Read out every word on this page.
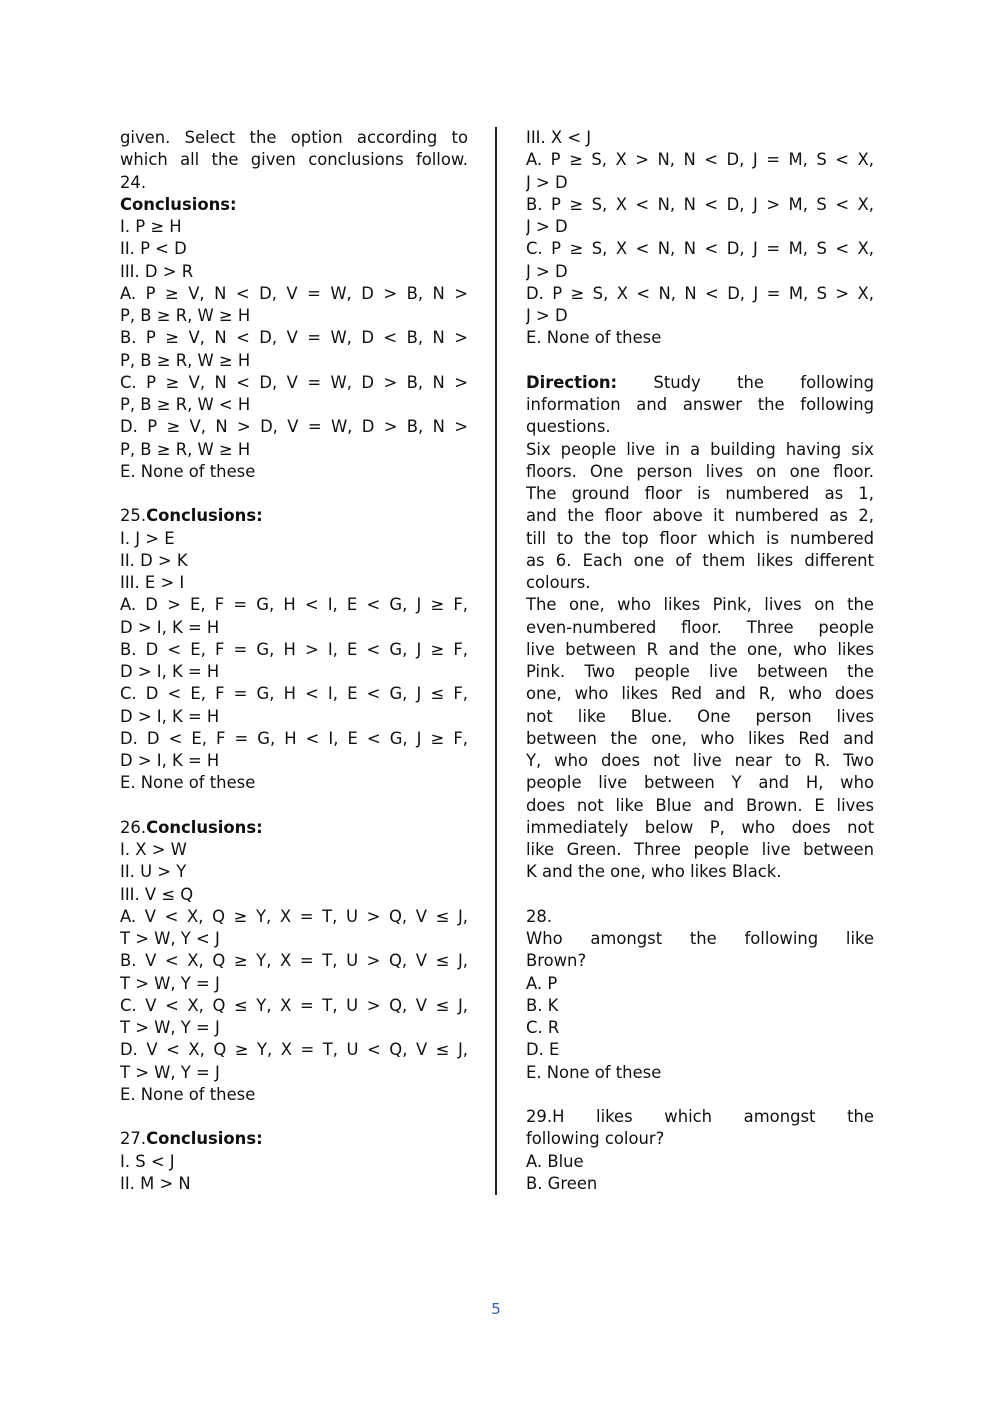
given. Select the option according to
which all the given conclusions follow.
24.
Conclusions:
I. P ≥ H
II. P < D
III. D > R
A. P ≥ V, N < D, V = W, D > B, N >
P, B ≥ R, W ≥ H
B. P ≥ V, N < D, V = W, D < B, N >
P, B ≥ R, W ≥ H
C. P ≥ V, N < D, V = W, D > B, N >
P, B ≥ R, W < H
D. P ≥ V, N > D, V = W, D > B, N >
P, B ≥ R, W ≥ H
E. None of these

25.Conclusions:
I. J > E
II. D > K
III. E > I
A. D > E, F = G, H < I, E < G, J ≥ F,
D > I, K = H
B. D < E, F = G, H > I, E < G, J ≥ F,
D > I, K = H
C. D < E, F = G, H < I, E < G, J ≤ F,
D > I, K = H
D. D < E, F = G, H < I, E < G, J ≥ F,
D > I, K = H
E. None of these

26.Conclusions:
I. X > W
II. U > Y
III. V ≤ Q
A. V < X, Q ≥ Y, X = T, U > Q, V ≤ J,
T > W, Y < J
B. V < X, Q ≥ Y, X = T, U > Q, V ≤ J,
T > W, Y = J
C. V < X, Q ≤ Y, X = T, U > Q, V ≤ J,
T > W, Y = J
D. V < X, Q ≥ Y, X = T, U < Q, V ≤ J,
T > W, Y = J
E. None of these

27.Conclusions:
I. S < J
II. M > N
III. X < J
A. P ≥ S, X > N, N < D, J = M, S < X,
J > D
B. P ≥ S, X < N, N < D, J > M, S < X,
J > D
C. P ≥ S, X < N, N < D, J = M, S < X,
J > D
D. P ≥ S, X < N, N < D, J = M, S > X,
J > D
E. None of these

Direction: Study the following
information and answer the following
questions.
Six people live in a building having six
floors. One person lives on one floor.
The ground floor is numbered as 1,
and the floor above it numbered as 2,
till to the top floor which is numbered
as 6. Each one of them likes different
colours.
The one, who likes Pink, lives on the
even-numbered floor. Three people
live between R and the one, who likes
Pink. Two people live between the
one, who likes Red and R, who does
not like Blue. One person lives
between the one, who likes Red and
Y, who does not live near to R. Two
people live between Y and H, who
does not like Blue and Brown. E lives
immediately below P, who does not
like Green. Three people live between
K and the one, who likes Black.

28.
Who amongst the following like
Brown?
A. P
B. K
C. R
D. E
E. None of these

29.H likes which amongst the
following colour?
A. Blue
B. Green
5
